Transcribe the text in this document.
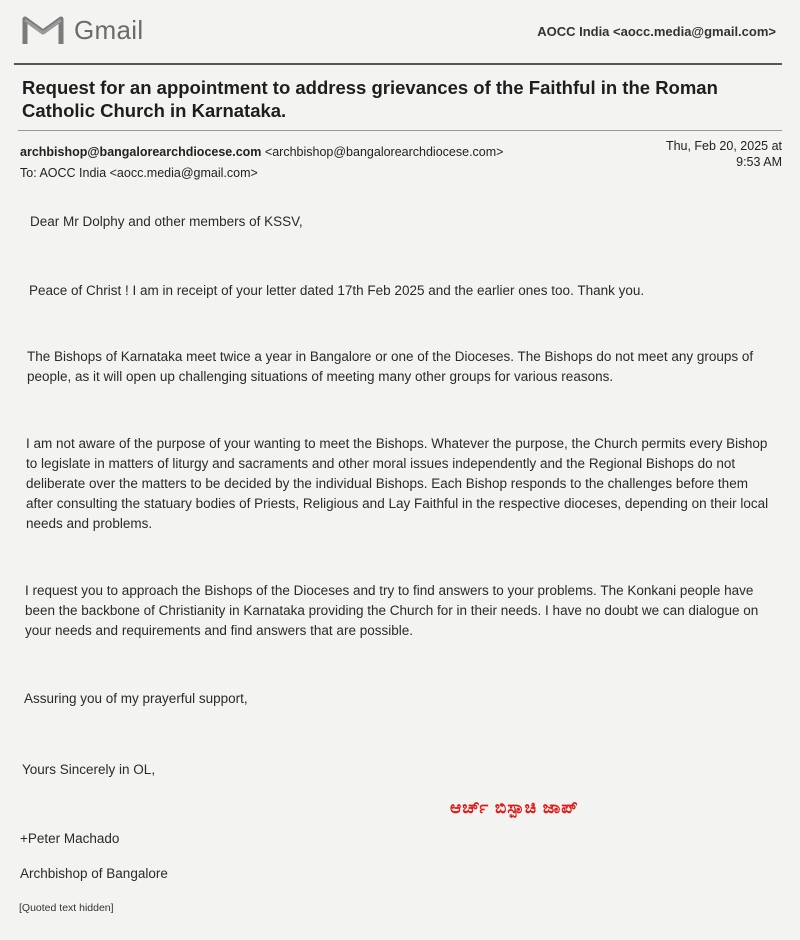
Gmail	AOCC India <aocc.media@gmail.com>
Request for an appointment to address grievances of the Faithful in the Roman Catholic Church in Karnataka.
archbishop@bangalorearchdiocese.com <archbishop@bangalorearchdiocese.com>	Thu, Feb 20, 2025 at
9:53 AM
To: AOCC India <aocc.media@gmail.com>
Dear Mr Dolphy and other members of KSSV,
Peace of Christ ! I am in receipt of your letter dated 17th Feb 2025 and the earlier ones too. Thank you.
The Bishops of Karnataka meet twice a year in Bangalore or one of the Dioceses. The Bishops do not meet any groups of people, as it will open up challenging situations of meeting many other groups for various reasons.
I am not aware of the purpose of your wanting to meet the Bishops. Whatever the purpose, the Church permits every Bishop to legislate in matters of liturgy and sacraments and other moral issues independently and the Regional Bishops do not deliberate over the matters to be decided by the individual Bishops. Each Bishop responds to the challenges before them after consulting the statuary bodies of Priests, Religious and Lay Faithful in the respective dioceses, depending on their local needs and problems.
I request you to approach the Bishops of the Dioceses and try to find answers to your problems. The Konkani people have been the backbone of Christianity in Karnataka providing the Church for in their needs. I have no doubt we can dialogue on your needs and requirements and find answers that are possible.
Assuring you of my prayerful support,
Yours Sincerely in OL,
+Peter Machado
Archbishop of Bangalore
[Quoted text hidden]
ಆರ್ಚ್ ಬಿಸ್ಪಾಚಿ ಜಾಪ್
